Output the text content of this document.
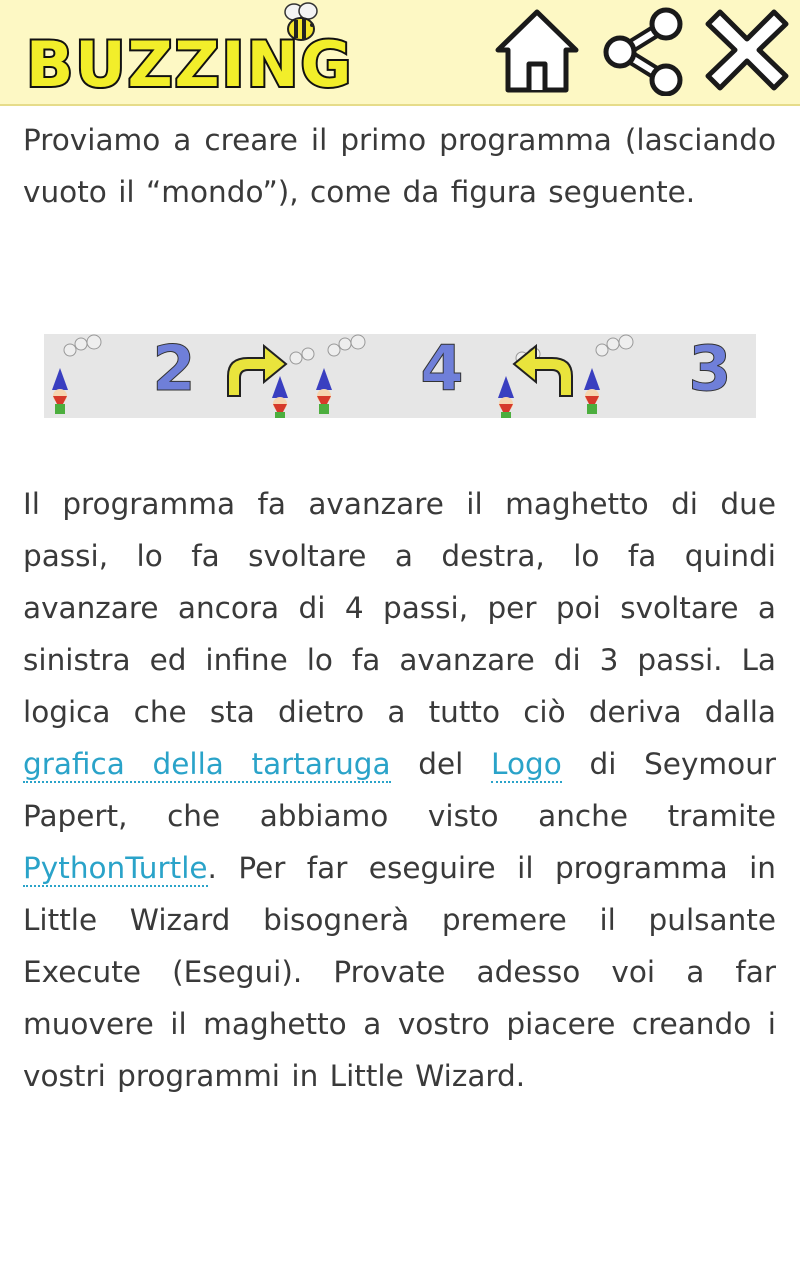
BUZZING

Proviamo a creare il primo programma (lasciando vuoto il “mondo”), come da figura seguente.

2	4	3

Il programma fa avanzare il maghetto di due passi, lo fa svoltare a destra, lo fa quindi avanzare ancora di 4 passi, per poi svoltare a sinistra ed infine lo fa avanzare di 3 passi. La logica che sta dietro a tutto ciò deriva dalla grafica della tartaruga del Logo di Seymour Papert, che abbiamo visto anche tramite PythonTurtle. Per far eseguire il programma in Little Wizard bisognerà premere il pulsante Execute (Esegui). Provate adesso voi a far muovere il maghetto a vostro piacere creando i vostri programmi in Little Wizard.
